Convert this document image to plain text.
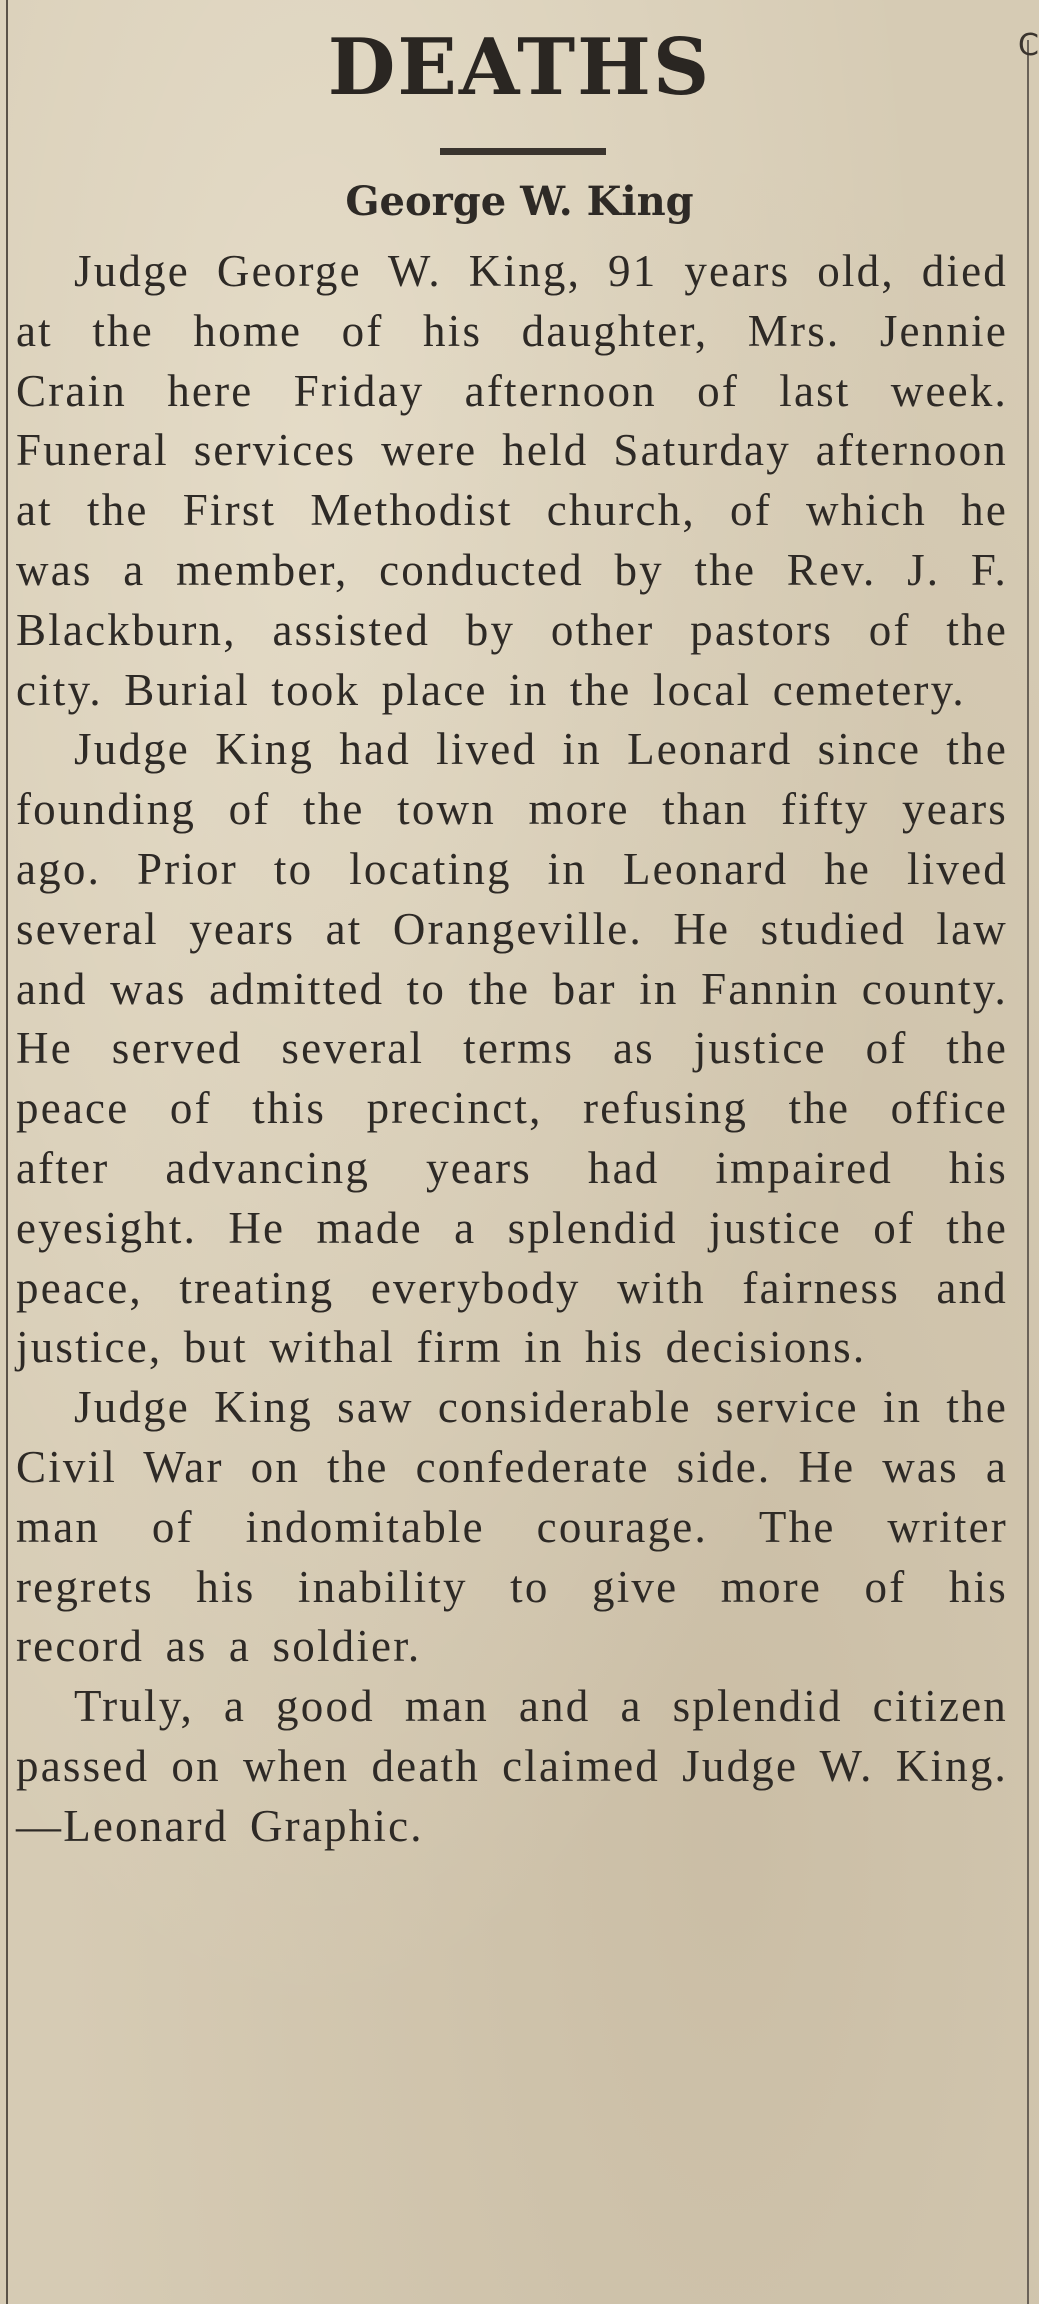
C
DEATHS
George W. King

Judge George W. King, 91 years old, died at the home of his daughter, Mrs. Jennie Crain here Friday afternoon of last week. Funeral services were held Saturday afternoon at the First Methodist church, of which he was a member, conducted by the Rev. J. F. Blackburn, assisted by other pastors of the city. Burial took place in the local cemetery.

Judge King had lived in Leonard since the founding of the town more than fifty years ago. Prior to locating in Leonard he lived several years at Orangeville. He studied law and was admitted to the bar in Fannin county. He served several terms as justice of the peace of this precinct, refusing the office after advancing years had impaired his eyesight. He made a splendid justice of the peace, treating everybody with fairness and justice, but withal firm in his decisions.

Judge King saw considerable service in the Civil War on the confederate side. He was a man of indomitable courage. The writer regrets his inability to give more of his record as a soldier.

Truly, a good man and a splendid citizen passed on when death claimed Judge W. King.—Leonard Graphic.
